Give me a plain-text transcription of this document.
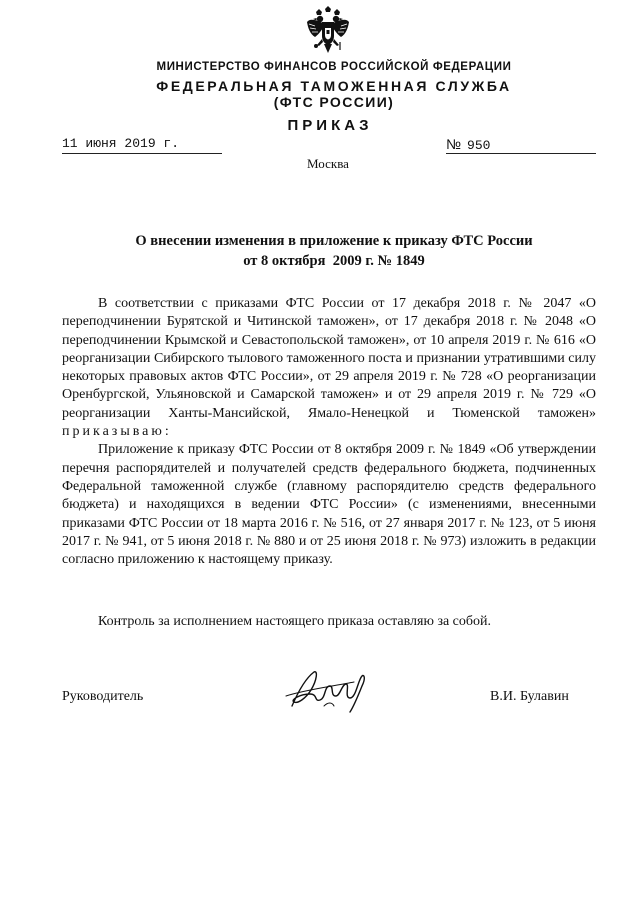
МИНИСТЕРСТВО ФИНАНСОВ РОССИЙСКОЙ ФЕДЕРАЦИИ
ФЕДЕРАЛЬНАЯ ТАМОЖЕННАЯ СЛУЖБА
(ФТС РОССИИ)
ПРИКАЗ
11 июня 2019 г.	№ 950
Москва
О внесении изменения в приложение к приказу ФТС России
от 8 октября  2009 г. № 1849

В соответствии с приказами ФТС России от 17 декабря 2018 г. № 2047 «О переподчинении Бурятской и Читинской таможен», от 17 декабря 2018 г. № 2048 «О переподчинении Крымской и Севастопольской таможен», от 10 апреля 2019 г. № 616 «О реорганизации Сибирского тылового таможенного поста и признании утратившими силу некоторых правовых актов ФТС России», от 29 апреля 2019 г. № 728 «О реорганизации Оренбургской, Ульяновской и Самарской таможен» и от 29 апреля 2019 г. № 729 «О реорганизации Ханты-Мансийской, Ямало-Ненецкой и Тюменской таможен» приказываю:

Приложение к приказу ФТС России от 8 октября 2009 г. № 1849 «Об утверждении перечня распорядителей и получателей средств федерального бюджета, подчиненных Федеральной таможенной службе (главному распорядителю средств федерального бюджета) и находящихся в ведении ФТС России» (с изменениями, внесенными приказами ФТС России от 18 марта 2016 г. № 516, от 27 января 2017 г. № 123, от 5 июня 2017 г. № 941, от 5 июня 2018 г. № 880 и от 25 июня 2018 г. № 973) изложить в редакции согласно приложению к настоящему приказу.

Контроль за исполнением настоящего приказа оставляю за собой.
Руководитель	В.И. Булавин
